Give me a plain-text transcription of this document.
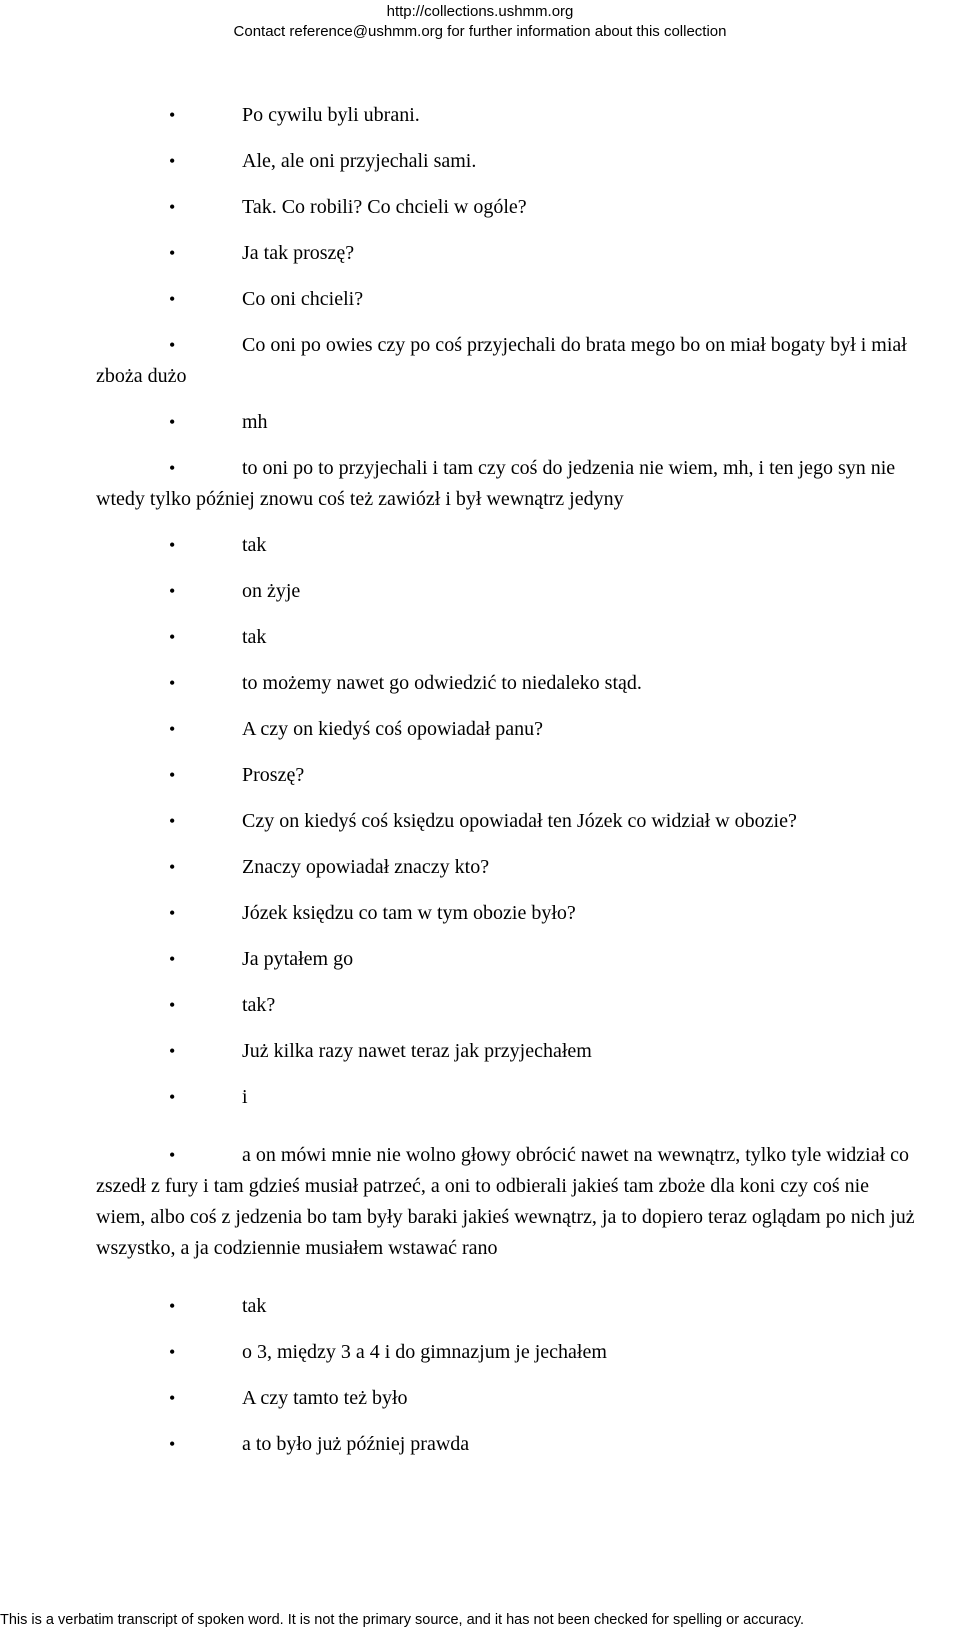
http://collections.ushmm.org
Contact reference@ushmm.org for further information about this collection

•	Po cywilu byli ubrani.

•	Ale, ale oni przyjechali sami.

•	Tak. Co robili? Co chcieli w ogóle?

•	Ja tak proszę?

•	Co oni chcieli?

•	Co oni po owies czy po coś przyjechali do brata mego bo on miał bogaty był i miał zboża dużo

•	mh

•	to oni po to przyjechali i tam czy coś do jedzenia nie wiem, mh, i ten jego syn nie wtedy tylko później znowu coś też zawiózł i był wewnątrz jedyny

•	tak

•	on żyje

•	tak

•	to możemy nawet go odwiedzić to niedaleko stąd.

•	A czy on kiedyś coś opowiadał panu?

•	Proszę?

•	Czy on kiedyś coś księdzu opowiadał ten Józek co widział w obozie?

•	Znaczy opowiadał znaczy kto?

•	Józek księdzu co tam w tym obozie było?

•	Ja pytałem go

•	tak?

•	Już kilka razy nawet teraz jak przyjechałem

•	i

•	a on mówi mnie nie wolno głowy obrócić nawet na wewnątrz, tylko tyle widział co zszedł z fury i tam gdzieś musiał patrzeć, a oni to odbierali jakieś tam zboże dla koni czy coś nie wiem, albo coś z jedzenia bo tam były baraki jakieś wewnątrz, ja to dopiero teraz oglądam po nich już wszystko, a ja codziennie musiałem wstawać rano

•	tak

•	o 3, między 3 a 4 i do gimnazjum je jechałem

•	A czy tamto też było

•	a to było już później prawda

This is a verbatim transcript of spoken word. It is not the primary source, and it has not been checked for spelling or accuracy.
